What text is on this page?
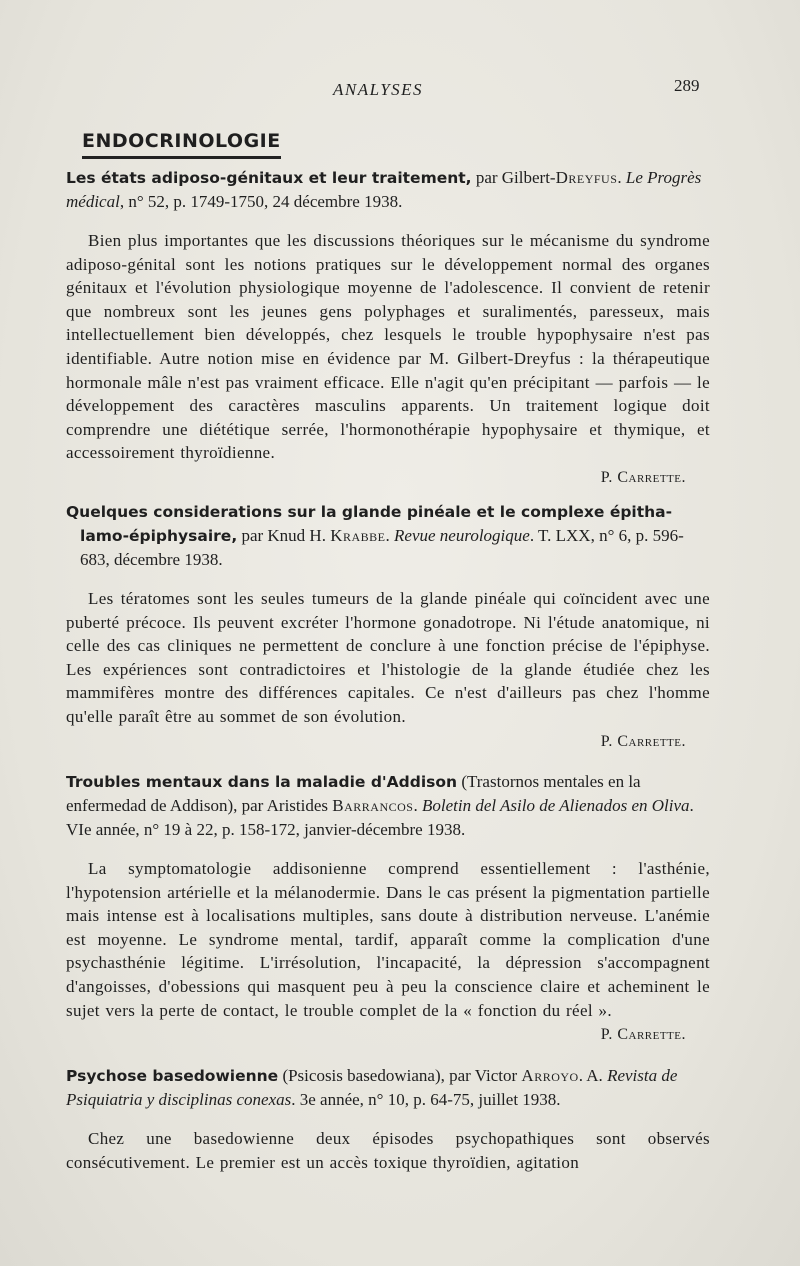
ANALYSES	289
ENDOCRINOLOGIE
Les états adiposo-génitaux et leur traitement, par Gilbert-Dreyfus. Le Progrès médical, n° 52, p. 1749-1750, 24 décembre 1938.

Bien plus importantes que les discussions théoriques sur le mécanisme du syndrome adiposo-génital sont les notions pratiques sur le développement normal des organes génitaux et l'évolution physiologique moyenne de l'adolescence. Il convient de retenir que nombreux sont les jeunes gens polyphages et suralimentés, paresseux, mais intellectuellement bien développés, chez lesquels le trouble hypophysaire n'est pas identifiable. Autre notion mise en évidence par M. Gilbert-Dreyfus : la thérapeutique hormonale mâle n'est pas vraiment efficace. Elle n'agit qu'en précipitant — parfois — le développement des caractères masculins apparents. Un traitement logique doit comprendre une diététique serrée, l'hormonothérapie hypophysaire et thymique, et accessoirement thyroïdienne.

P. Carrette.
Quelques considerations sur la glande pinéale et le complexe épitha-
lamo-épiphysaire, par Knud H. Krabbe. Revue neurologique. T. LXX, n° 6, p. 596-683, décembre 1938.

Les tératomes sont les seules tumeurs de la glande pinéale qui coïncident avec une puberté précoce. Ils peuvent excréter l'hormone gonadotrope. Ni l'étude anatomique, ni celle des cas cliniques ne permettent de conclure à une fonction précise de l'épiphyse. Les expériences sont contradictoires et l'histologie de la glande étudiée chez les mammifères montre des différences capitales. Ce n'est d'ailleurs pas chez l'homme qu'elle paraît être au sommet de son évolution.

P. Carrette.
Troubles mentaux dans la maladie d'Addison (Trastornos mentales en la enfermedad de Addison), par Aristides Barrancos. Boletin del Asilo de Alienados en Oliva. VIe année, n° 19 à 22, p. 158-172, janvier-décembre 1938.

La symptomatologie addisonienne comprend essentiellement : l'asthénie, l'hypotension artérielle et la mélanodermie. Dans le cas présent la pigmentation partielle mais intense est à localisations multiples, sans doute à distribution nerveuse. L'anémie est moyenne. Le syndrome mental, tardif, apparaît comme la complication d'une psychasthénie légitime. L'irrésolution, l'incapacité, la dépression s'accompagnent d'angoisses, d'obessions qui masquent peu à peu la conscience claire et acheminent le sujet vers la perte de contact, le trouble complet de la « fonction du réel ».

P. Carrette.
Psychose basedowienne (Psicosis basedowiana), par Victor Arroyo. A. Revista de Psiquiatria y disciplinas conexas. 3e année, n° 10, p. 64-75, juillet 1938.

Chez une basedowienne deux épisodes psychopathiques sont observés consécutivement. Le premier est un accès toxique thyroïdien, agitation
